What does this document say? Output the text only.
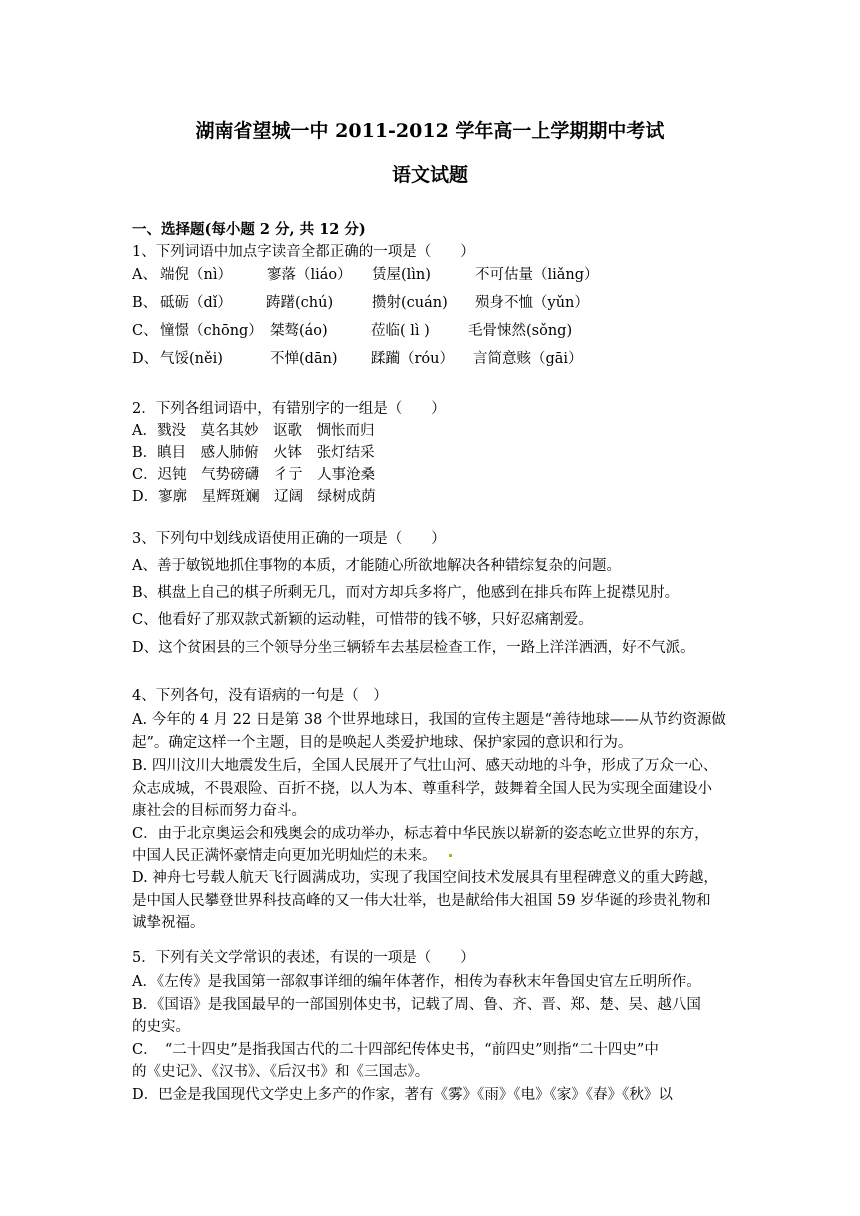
湖南省望城一中 2011-2012 学年高一上学期期中考试
语文试题
一、选择题(每小题 2 分, 共 12 分)
1、下列词语中加点字读音全都正确的一项是（　　）
A、 端倪（nì） 寥落（liáo） 赁屋(lìn)	不可估量（liǎng）
B、 砥砺（dǐ） 踌躇(chú)	攒射(cuán) 殒身不恤（yǔn）
C、 憧憬（chōng） 桀骜(áo)	莅临( lì )	毛骨悚然(sǒng)
D、 气馁(něi)	不惮(dān) 蹂躏（róu） 言简意赅（gāi）
2．下列各组词语中，有错别字的一组是（　　）
A．戮没　莫名其妙　讴歌　惆怅而归
B．瞋目　感人肺俯　火钵　张灯结采
C．迟钝　气势磅礴　彳亍　人事沧桑
D．寥廓　星辉斑斓　辽阔　绿树成荫
3、下列句中划线成语使用正确的一项是（　　）
A、善于敏锐地抓住事物的本质，才能随心所欲地解决各种错综复杂的问题。
B、棋盘上自己的棋子所剩无几，而对方却兵多将广，他感到在排兵布阵上捉襟见肘。
C、他看好了那双款式新颖的运动鞋，可惜带的钱不够，只好忍痛割爱。
D、这个贫困县的三个领导分坐三辆轿车去基层检查工作，一路上洋洋洒洒，好不气派。
4、下列各句，没有语病的一句是（　）
A. 今年的 4 月 22 日是第 38 个世界地球日，我国的宣传主题是“善待地球——从节约资源做
起”。确定这样一个主题，目的是唤起人类爱护地球、保护家园的意识和行为。
B. 四川汶川大地震发生后，全国人民展开了气壮山河、感天动地的斗争，形成了万众一心、
众志成城，不畏艰险、百折不挠，以人为本、尊重科学，鼓舞着全国人民为实现全面建设小
康社会的目标而努力奋斗。
C．由于北京奥运会和残奥会的成功举办，标志着中华民族以崭新的姿态屹立世界的东方，
中国人民正满怀豪情走向更加光明灿烂的未来。
D. 神舟七号载人航天飞行圆满成功，实现了我国空间技术发展具有里程碑意义的重大跨越，
是中国人民攀登世界科技高峰的又一伟大壮举，也是献给伟大祖国 59 岁华诞的珍贵礼物和
诚挚祝福。
5．下列有关文学常识的表述，有误的一项是（　　）
A．《左传》是我国第一部叙事详细的编年体著作，相传为春秋末年鲁国史官左丘明所作。
B．《国语》是我国最早的一部国别体史书，记载了周、鲁、齐、晋、郑、楚、吴、越八国
的史实。
C．　“二十四史”是指我国古代的二十四部纪传体史书，“前四史”则指“二十四史”中
的《史记》、《汉书》、《后汉书》和《三国志》。
D．巴金是我国现代文学史上多产的作家，著有《雾》《雨》《电》《家》《春》《秋》以
